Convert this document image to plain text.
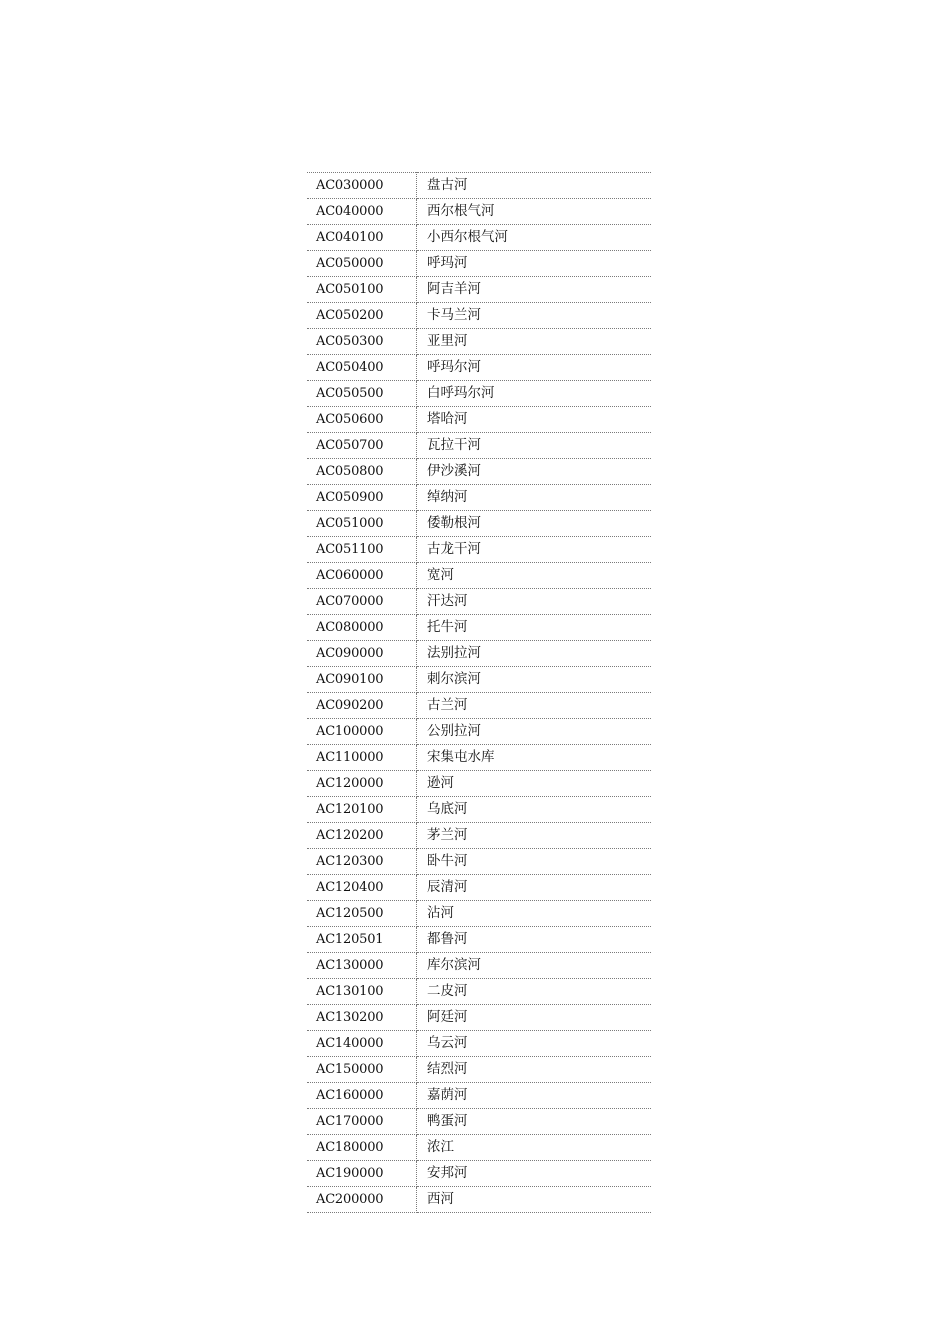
AC030000	盘古河
AC040000	西尔根气河
AC040100	小西尔根气河
AC050000	呼玛河
AC050100	阿吉羊河
AC050200	卡马兰河
AC050300	亚里河
AC050400	呼玛尔河
AC050500	白呼玛尔河
AC050600	塔哈河
AC050700	瓦拉干河
AC050800	伊沙溪河
AC050900	绰纳河
AC051000	倭勒根河
AC051100	古龙干河
AC060000	宽河
AC070000	汗达河
AC080000	托牛河
AC090000	法别拉河
AC090100	刺尔滨河
AC090200	古兰河
AC100000	公别拉河
AC110000	宋集屯水库
AC120000	逊河
AC120100	乌底河
AC120200	茅兰河
AC120300	卧牛河
AC120400	辰清河
AC120500	沾河
AC120501	都鲁河
AC130000	库尔滨河
AC130100	二皮河
AC130200	阿廷河
AC140000	乌云河
AC150000	结烈河
AC160000	嘉荫河
AC170000	鸭蛋河
AC180000	浓江
AC190000	安邦河
AC200000	西河
